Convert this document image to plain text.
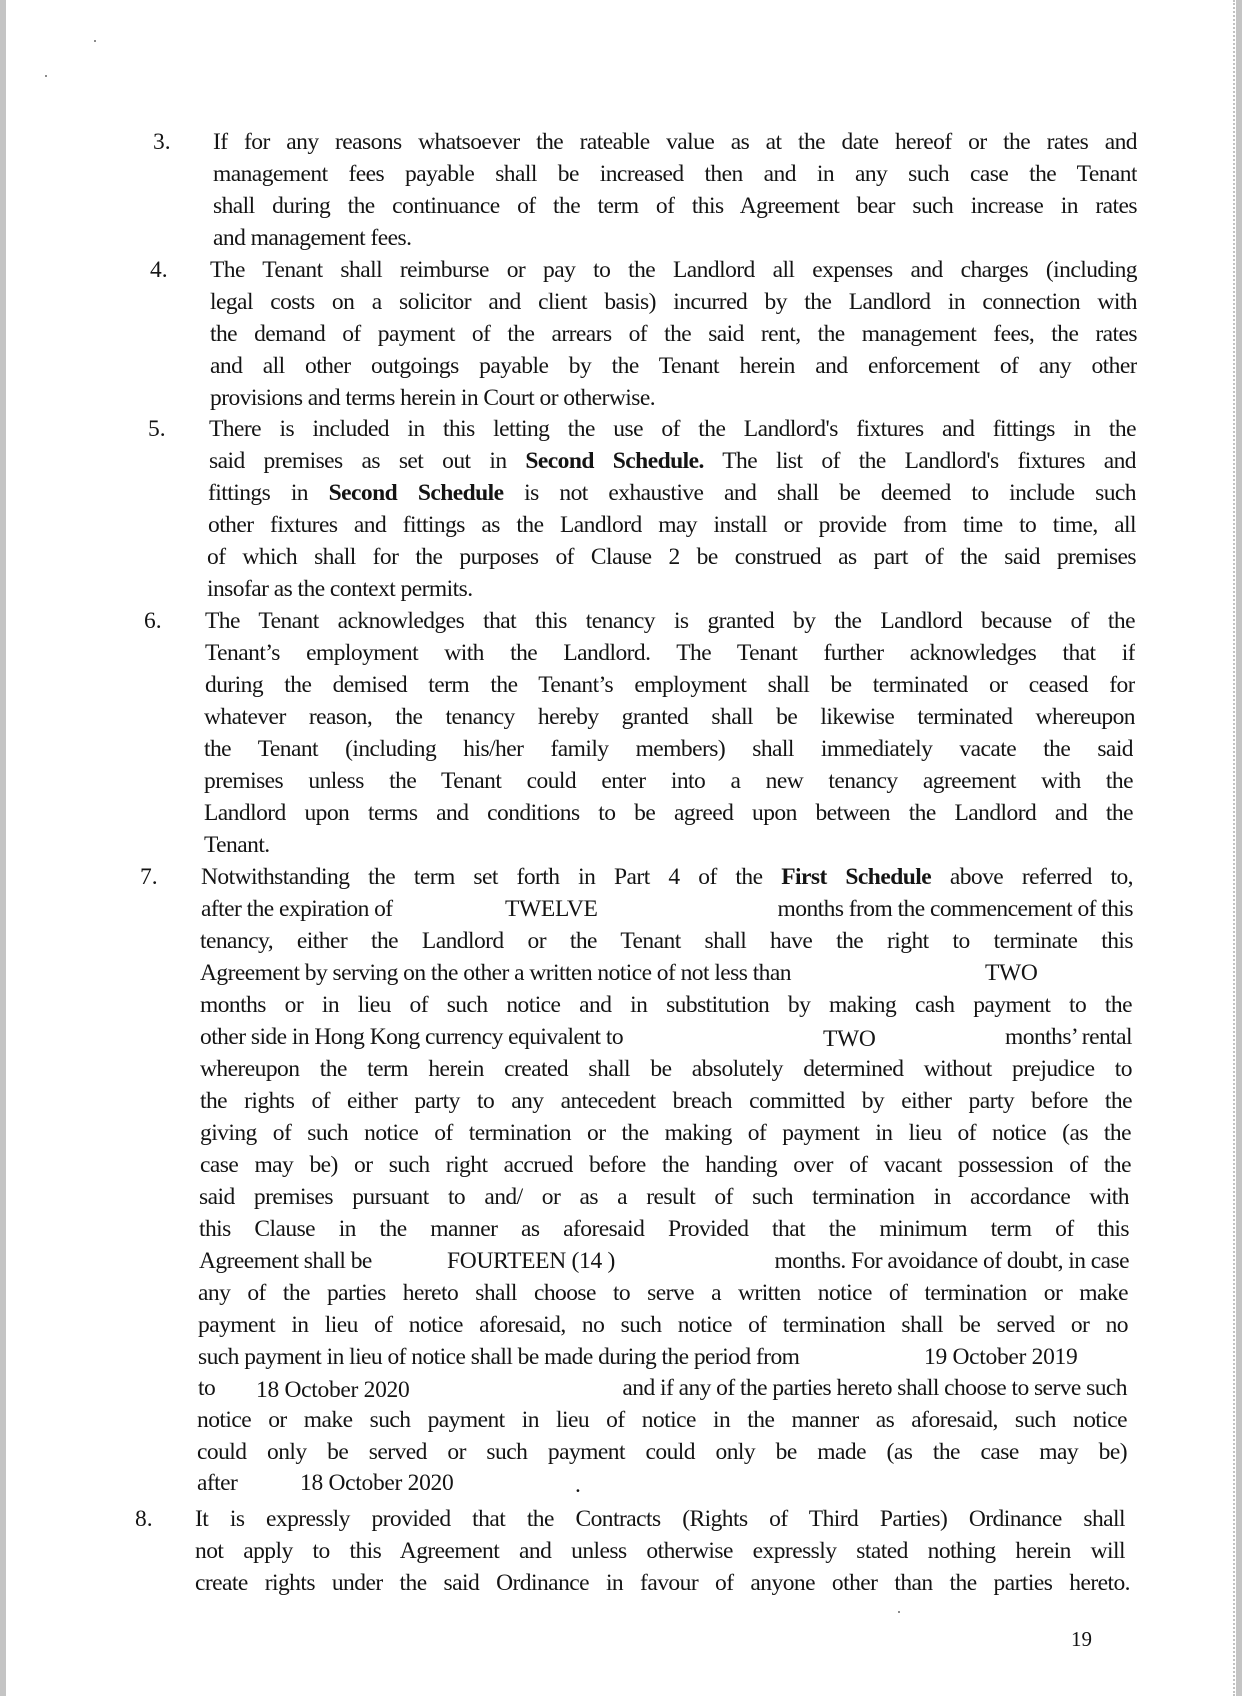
3. If for any reasons whatsoever the rateable value as at the date hereof or the rates and
management fees payable shall be increased then and in any such case the Tenant
shall during the continuance of the term of this Agreement bear such increase in rates
and management fees.
4. The Tenant shall reimburse or pay to the Landlord all expenses and charges (including
legal costs on a solicitor and client basis) incurred by the Landlord in connection with
the demand of payment of the arrears of the said rent, the management fees, the rates
and all other outgoings payable by the Tenant herein and enforcement of any other
provisions and terms herein in Court or otherwise.
5. There is included in this letting the use of the Landlord's fixtures and fittings in the
said premises as set out in Second Schedule. The list of the Landlord's fixtures and
fittings in Second Schedule is not exhaustive and shall be deemed to include such
other fixtures and fittings as the Landlord may install or provide from time to time, all
of which shall for the purposes of Clause 2 be construed as part of the said premises
insofar as the context permits.
6. The Tenant acknowledges that this tenancy is granted by the Landlord because of the
Tenant’s employment with the Landlord. The Tenant further acknowledges that if
during the demised term the Tenant’s employment shall be terminated or ceased for
whatever reason, the tenancy hereby granted shall be likewise terminated whereupon
the Tenant (including his/her family members) shall immediately vacate the said
premises unless the Tenant could enter into a new tenancy agreement with the
Landlord upon terms and conditions to be agreed upon between the Landlord and the
Tenant.
7. Notwithstanding the term set forth in Part 4 of the First Schedule above referred to,
after the expiration of	TWELVE	months from the commencement of this
tenancy, either the Landlord or the Tenant shall have the right to terminate this
Agreement by serving on the other a written notice of not less than	TWO
months or in lieu of such notice and in substitution by making cash payment to the
other side in Hong Kong currency equivalent to	TWO	months’ rental
whereupon the term herein created shall be absolutely determined without prejudice to
the rights of either party to any antecedent breach committed by either party before the
giving of such notice of termination or the making of payment in lieu of notice (as the
case may be) or such right accrued before the handing over of vacant possession of the
said premises pursuant to and/ or as a result of such termination in accordance with
this Clause in the manner as aforesaid Provided that the minimum term of this
Agreement shall be	FOURTEEN (14 )	months. For avoidance of doubt, in case
any of the parties hereto shall choose to serve a written notice of termination or make
payment in lieu of notice aforesaid, no such notice of termination shall be served or no
such payment in lieu of notice shall be made during the period from	19 October 2019
to 18 October 2020	and if any of the parties hereto shall choose to serve such
notice or make such payment in lieu of notice in the manner as aforesaid, such notice
could only be served or such payment could only be made (as the case may be)
after	18 October 2020	.
8. It is expressly provided that the Contracts (Rights of Third Parties) Ordinance shall
not apply to this Agreement and unless otherwise expressly stated nothing herein will
create rights under the said Ordinance in favour of anyone other than the parties hereto.
19
